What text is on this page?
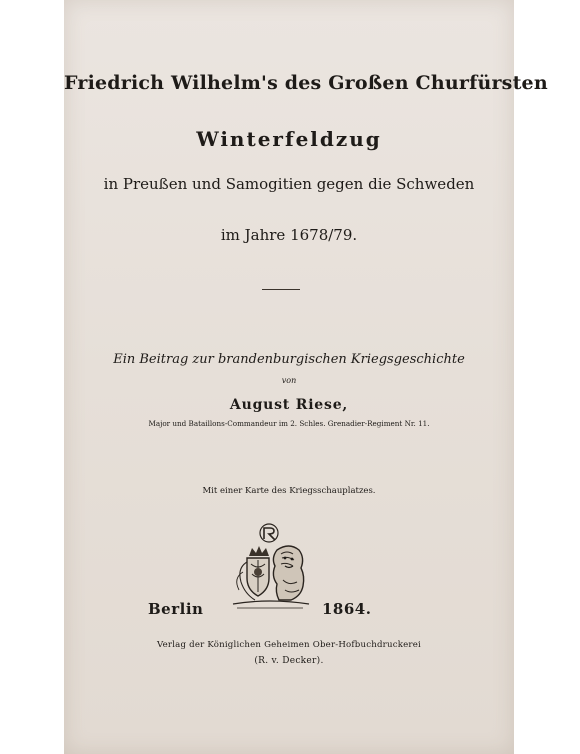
Friedrich Wilhelm's des Großen Churfürsten
Winterfeldzug
in Preußen und Samogitien gegen die Schweden
im Jahre 1678/79.
Ein Beitrag zur brandenburgischen Kriegsgeschichte
von
August Riese,
Major und Bataillons-Commandeur im 2. Schles. Grenadier-Regiment Nr. 11.
Mit einer Karte des Kriegsschauplatzes.
Berlin	1864.
Verlag der Königlichen Geheimen Ober-Hofbuchdruckerei
(R. v. Decker).
